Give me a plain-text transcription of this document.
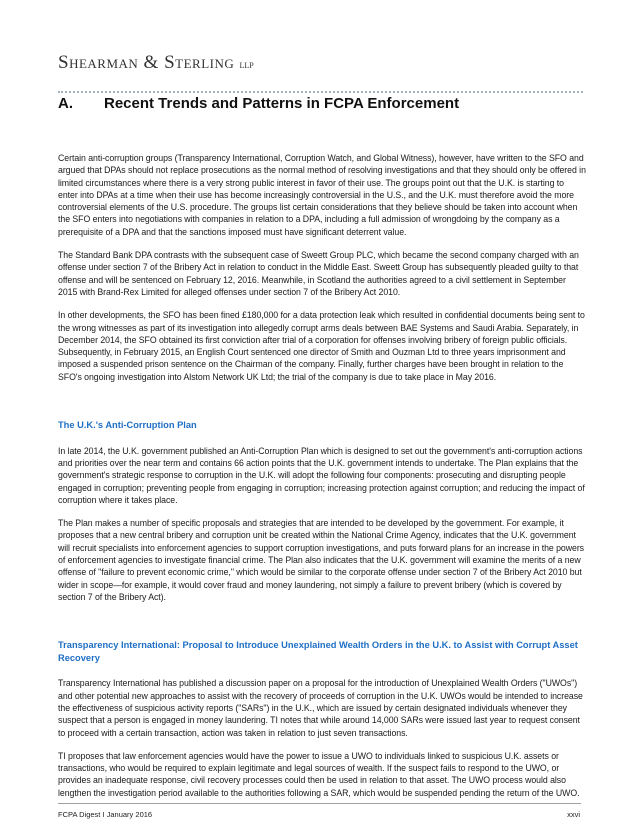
Shearman & Sterling LLP
A. Recent Trends and Patterns in FCPA Enforcement
Certain anti-corruption groups (Transparency International, Corruption Watch, and Global Witness), however, have written to the SFO and argued that DPAs should not replace prosecutions as the normal method of resolving investigations and that they should only be offered in limited circumstances where there is a very strong public interest in favor of their use. The groups point out that the U.K. is starting to enter into DPAs at a time when their use has become increasingly controversial in the U.S., and the U.K. must therefore avoid the more controversial elements of the U.S. procedure. The groups list certain considerations that they believe should be taken into account when the SFO enters into negotiations with companies in relation to a DPA, including a full admission of wrongdoing by the company as a prerequisite of a DPA and that the sanctions imposed must have significant deterrent value.
The Standard Bank DPA contrasts with the subsequent case of Sweett Group PLC, which became the second company charged with an offense under section 7 of the Bribery Act in relation to conduct in the Middle East. Sweett Group has subsequently pleaded guilty to that offense and will be sentenced on February 12, 2016. Meanwhile, in Scotland the authorities agreed to a civil settlement in September 2015 with Brand-Rex Limited for alleged offenses under section 7 of the Bribery Act 2010.
In other developments, the SFO has been fined £180,000 for a data protection leak which resulted in confidential documents being sent to the wrong witnesses as part of its investigation into allegedly corrupt arms deals between BAE Systems and Saudi Arabia. Separately, in December 2014, the SFO obtained its first conviction after trial of a corporation for offenses involving bribery of foreign public officials. Subsequently, in February 2015, an English Court sentenced one director of Smith and Ouzman Ltd to three years imprisonment and imposed a suspended prison sentence on the Chairman of the company. Finally, further charges have been brought in relation to the SFO's ongoing investigation into Alstom Network UK Ltd; the trial of the company is due to take place in May 2016.
The U.K.'s Anti-Corruption Plan
In late 2014, the U.K. government published an Anti-Corruption Plan which is designed to set out the government's anti-corruption actions and priorities over the near term and contains 66 action points that the U.K. government intends to undertake. The Plan explains that the government's strategic response to corruption in the U.K. will adopt the following four components: prosecuting and disrupting people engaged in corruption; preventing people from engaging in corruption; increasing protection against corruption; and reducing the impact of corruption where it takes place.
The Plan makes a number of specific proposals and strategies that are intended to be developed by the government. For example, it proposes that a new central bribery and corruption unit be created within the National Crime Agency, indicates that the U.K. government will recruit specialists into enforcement agencies to support corruption investigations, and puts forward plans for an increase in the powers of enforcement agencies to investigate financial crime. The Plan also indicates that the U.K. government will examine the merits of a new offense of "failure to prevent economic crime," which would be similar to the corporate offense under section 7 of the Bribery Act 2010 but wider in scope—for example, it would cover fraud and money laundering, not simply a failure to prevent bribery (which is covered by section 7 of the Bribery Act).
Transparency International: Proposal to Introduce Unexplained Wealth Orders in the U.K. to Assist with Corrupt Asset Recovery
Transparency International has published a discussion paper on a proposal for the introduction of Unexplained Wealth Orders ("UWOs") and other potential new approaches to assist with the recovery of proceeds of corruption in the U.K. UWOs would be intended to increase the effectiveness of suspicious activity reports ("SARs") in the U.K., which are issued by certain designated individuals whenever they suspect that a person is engaged in money laundering. TI notes that while around 14,000 SARs were issued last year to request consent to proceed with a certain transaction, action was taken in relation to just seven transactions.
TI proposes that law enforcement agencies would have the power to issue a UWO to individuals linked to suspicious U.K. assets or transactions, who would be required to explain legitimate and legal sources of wealth. If the suspect fails to respond to the UWO, or provides an inadequate response, civil recovery processes could then be used in relation to that asset. The UWO process would also lengthen the investigation period available to the authorities following a SAR, which would be suspended pending the return of the UWO.
FCPA Digest I January 2016	xxvi
